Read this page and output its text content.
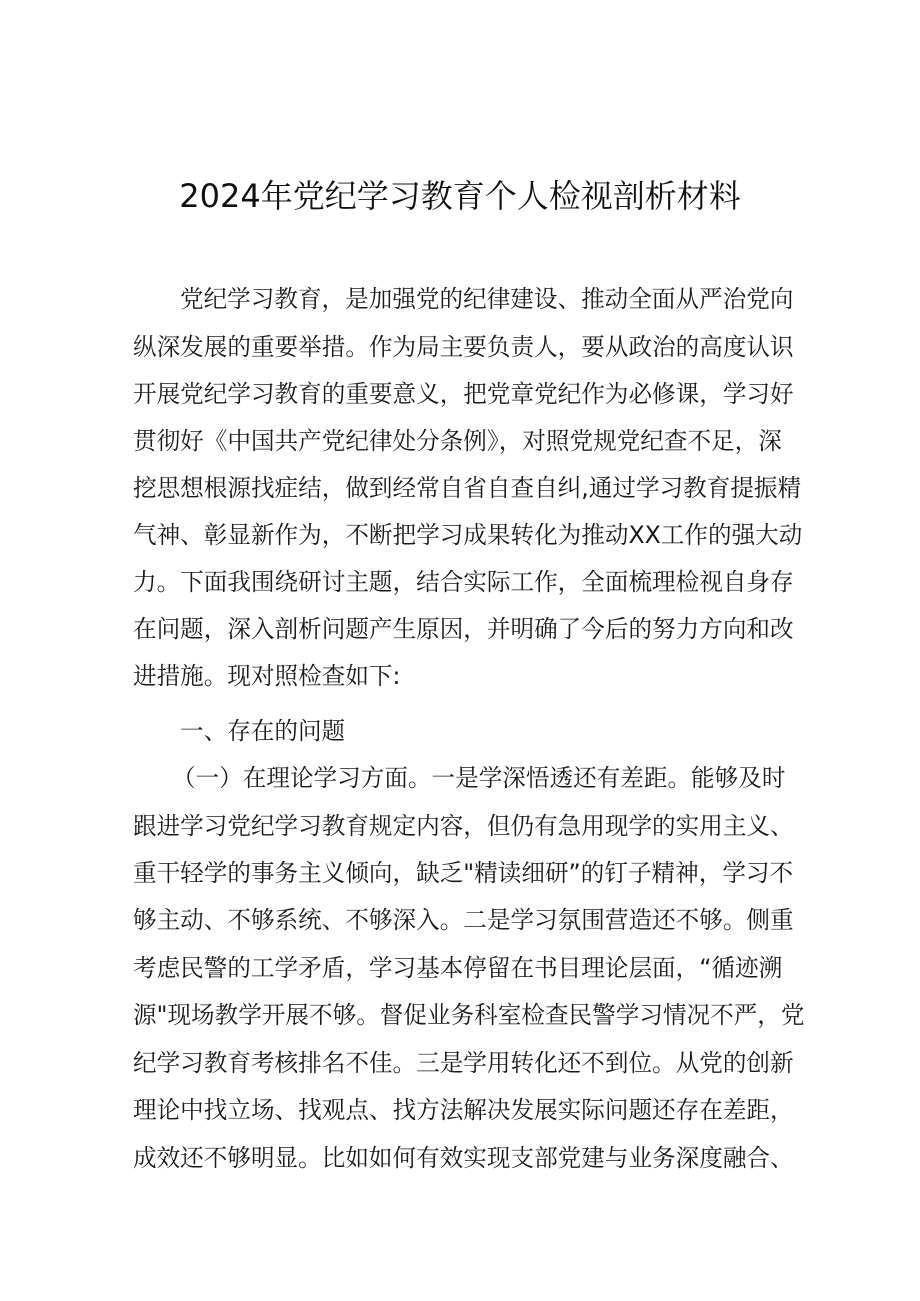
2024年党纪学习教育个人检视剖析材料
党纪学习教育，是加强党的纪律建设、推动全面从严治党向
纵深发展的重要举措。作为局主要负责人，要从政治的高度认识
开展党纪学习教育的重要意义，把党章党纪作为必修课，学习好
贯彻好《中国共产党纪律处分条例》，对照党规党纪查不足，深
挖思想根源找症结，做到经常自省自查自纠,通过学习教育提振精
气神、彰显新作为，不断把学习成果转化为推动XX工作的强大动
力。下面我围绕研讨主题，结合实际工作，全面梳理检视自身存
在问题，深入剖析问题产生原因，并明确了今后的努力方向和改
进措施。现对照检查如下:
一、存在的问题
（一）在理论学习方面。一是学深悟透还有差距。能够及时
跟进学习党纪学习教育规定内容，但仍有急用现学的实用主义、
重干轻学的事务主义倾向，缺乏"精读细研”的钉子精神，学习不
够主动、不够系统、不够深入。二是学习氛围营造还不够。侧重
考虑民警的工学矛盾，学习基本停留在书目理论层面，“循迹溯
源"现场教学开展不够。督促业务科室检查民警学习情况不严，党
纪学习教育考核排名不佳。三是学用转化还不到位。从党的创新
理论中找立场、找观点、找方法解决发展实际问题还存在差距，
成效还不够明显。比如如何有效实现支部党建与业务深度融合、
